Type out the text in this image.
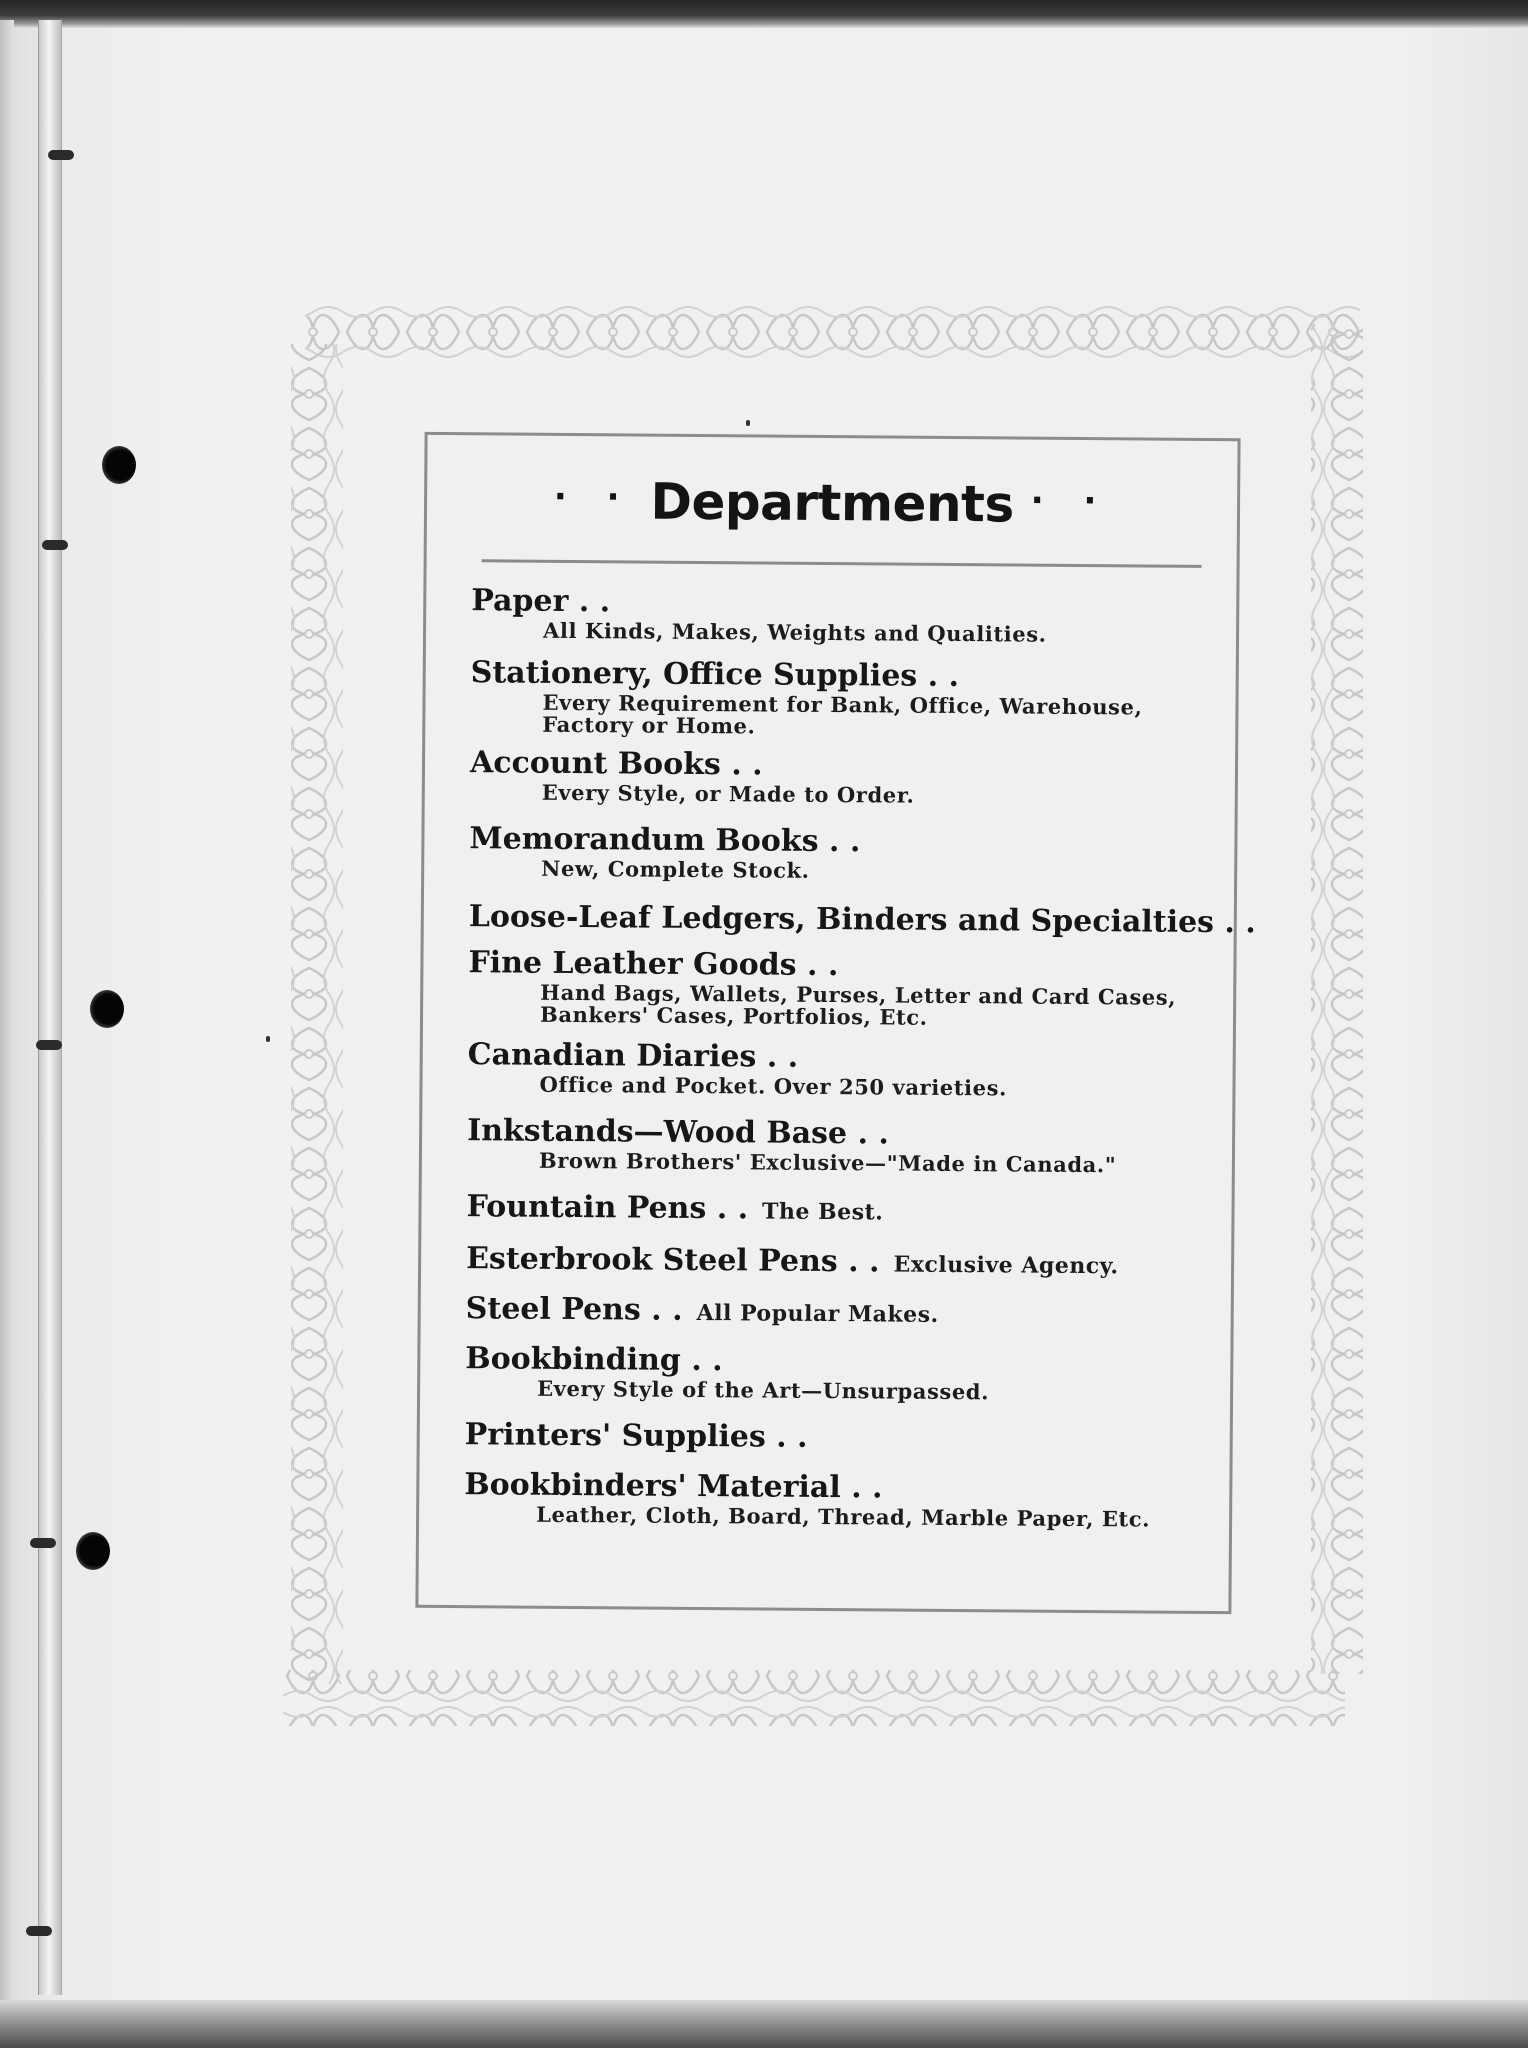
· · Departments · ·
Paper . .
All Kinds, Makes, Weights and Qualities.
Stationery, Office Supplies . .
Every Requirement for Bank, Office, Warehouse,
Factory or Home.
Account Books . .
Every Style, or Made to Order.
Memorandum Books . .
New, Complete Stock.
Loose-Leaf Ledgers, Binders and Specialties . .
Fine Leather Goods . .
Hand Bags, Wallets, Purses, Letter and Card Cases,
Bankers' Cases, Portfolios, Etc.
Canadian Diaries . .
Office and Pocket. Over 250 varieties.
Inkstands—Wood Base . .
Brown Brothers' Exclusive—"Made in Canada."
Fountain Pens . . The Best.
Esterbrook Steel Pens . . Exclusive Agency.
Steel Pens . . All Popular Makes.
Bookbinding . .
Every Style of the Art—Unsurpassed.
Printers' Supplies . .
Bookbinders' Material . .
Leather, Cloth, Board, Thread, Marble Paper, Etc.
